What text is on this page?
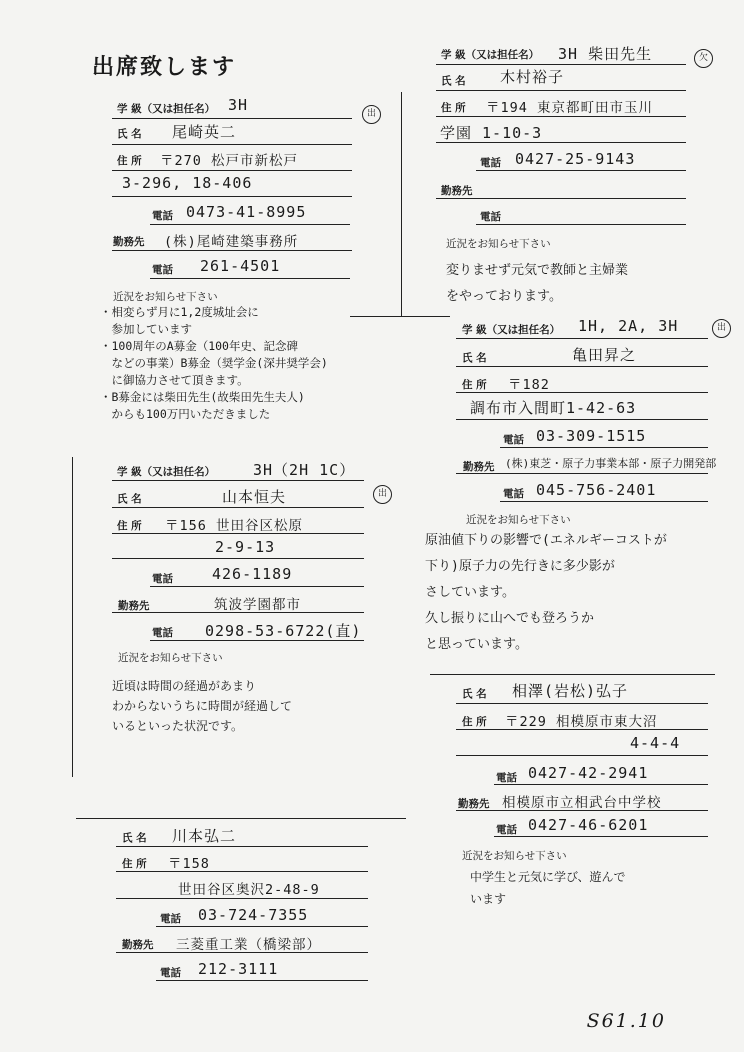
出席致します
学 級（又は担任名） 3H	出
氏 名 尾崎英二
住 所 〒270 松戸市新松戸
3-296, 18-406
電話 0473-41-8995
勤務先 (株)尾崎建築事務所
電話 261-4501
近況をお知らせ下さい
・相変らず月に1,2度城址会に
　参加しています
・100周年のA募金（100年史、記念碑
　などの事業）B募金（奨学金(深井奨学会)
　に御協力させて頂きます。
・B募金には柴田先生(故柴田先生夫人)
　からも100万円いただきました
学 級（又は担任名） 3H 柴田先生	欠
氏 名 木村裕子
住 所 〒194 東京都町田市玉川
学園 1-10-3
電話 0427-25-9143
勤務先
電話
近況をお知らせ下さい
変りませず元気で教師と主婦業
をやっております。
学 級（又は担任名）	3H（2H 1C）
氏 名	山本恒夫	出
住 所 〒156 世田谷区松原
2-9-13
電話	426-1189
勤務先	筑波学園都市
電話 0298-53-6722(直)
近況をお知らせ下さい
近頃は時間の経過があまり
わからないうちに時間が経過して
いるといった状況です。
学 級（又は担任名） 1H, 2A, 3H	出
氏 名	亀田昇之
住 所 〒182
調布市入間町1-42-63
電話 03-309-1515
勤務先 (株)東芝・原子力事業本部・原子力開発部
電話 045-756-2401
近況をお知らせ下さい
原油値下りの影響で(エネルギーコストが
下り)原子力の先行きに多少影が
さしています。
久し振りに山へでも登ろうか
と思っています。
氏 名 相澤(岩松)弘子
住 所 〒229 相模原市東大沼
4-4-4
電話 0427-42-2941
勤務先 相模原市立相武台中学校
電話 0427-46-6201
近況をお知らせ下さい
中学生と元気に学び、遊んで
います
氏 名 川本弘二
住 所 〒158
世田谷区奥沢2-48-9
電話 03-724-7355
勤務先 三菱重工業（橋梁部）
電話 212-3111
S61.10
